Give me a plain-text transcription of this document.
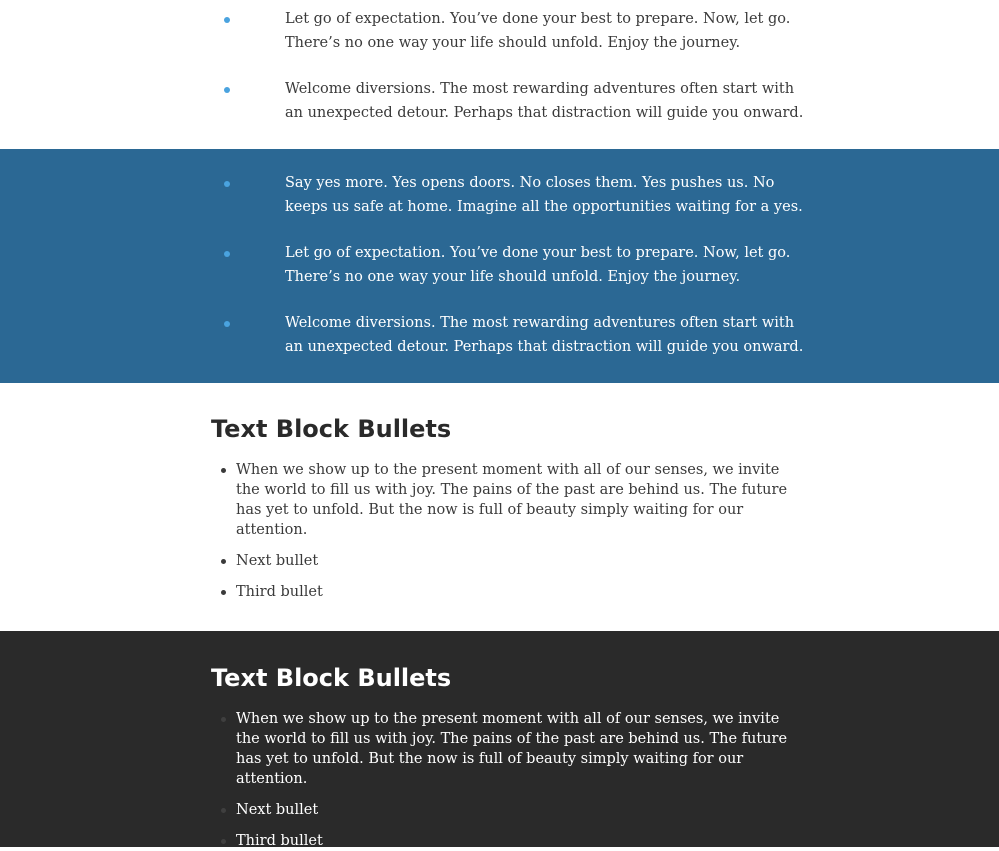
Let go of expectation. You’ve done your best to prepare. Now, let go. There’s no one way your life should unfold. Enjoy the journey.
Welcome diversions. The most rewarding adventures often start with an unexpected detour. Perhaps that distraction will guide you onward.
Say yes more. Yes opens doors. No closes them. Yes pushes us. No keeps us safe at home. Imagine all the opportunities waiting for a yes.
Let go of expectation. You’ve done your best to prepare. Now, let go. There’s no one way your life should unfold. Enjoy the journey.
Welcome diversions. The most rewarding adventures often start with an unexpected detour. Perhaps that distraction will guide you onward.
Text Block Bullets
When we show up to the present moment with all of our senses, we invite the world to fill us with joy. The pains of the past are behind us. The future has yet to unfold. But the now is full of beauty simply waiting for our attention.
Next bullet
Third bullet
Text Block Bullets
When we show up to the present moment with all of our senses, we invite the world to fill us with joy. The pains of the past are behind us. The future has yet to unfold. But the now is full of beauty simply waiting for our attention.
Next bullet
Third bullet
